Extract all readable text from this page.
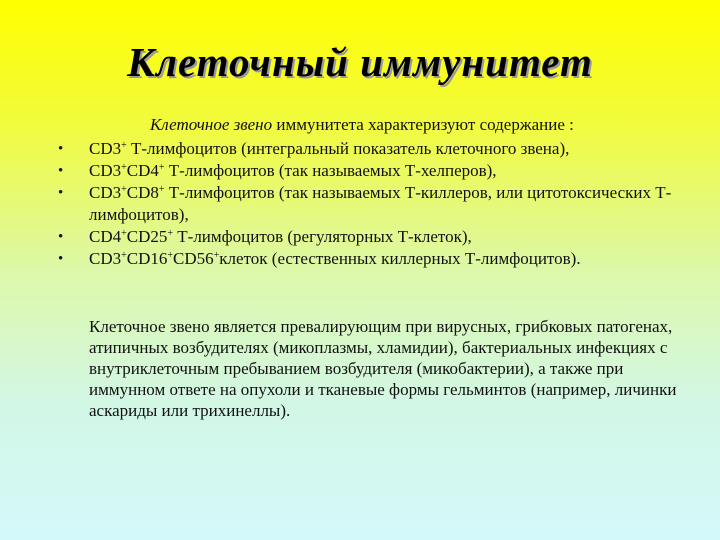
Клеточный иммунитет
Клеточное звено иммунитета характеризуют содержание :
• CD3+ Т-лимфоцитов (интегральный показатель клеточного звена),
• CD3+CD4+ Т-лимфоцитов (так называемых Т-хелперов),
• CD3+CD8+ Т-лимфоцитов (так называемых Т-киллеров, или цитотоксических Т-лимфоцитов),
• CD4+CD25+ Т-лимфоцитов (регуляторных Т-клеток),
• CD3+CD16+CD56+клеток (естественных киллерных Т-лимфоцитов).
Клеточное звено является превалирующим при вирусных, грибковых патогенах, атипичных возбудителях (микоплазмы, хламидии), бактериальных инфекциях с внутриклеточным пребыванием возбудителя (микобактерии), а также при иммунном ответе на опухоли и тканевые формы гельминтов (например, личинки аскариды или трихинеллы).
